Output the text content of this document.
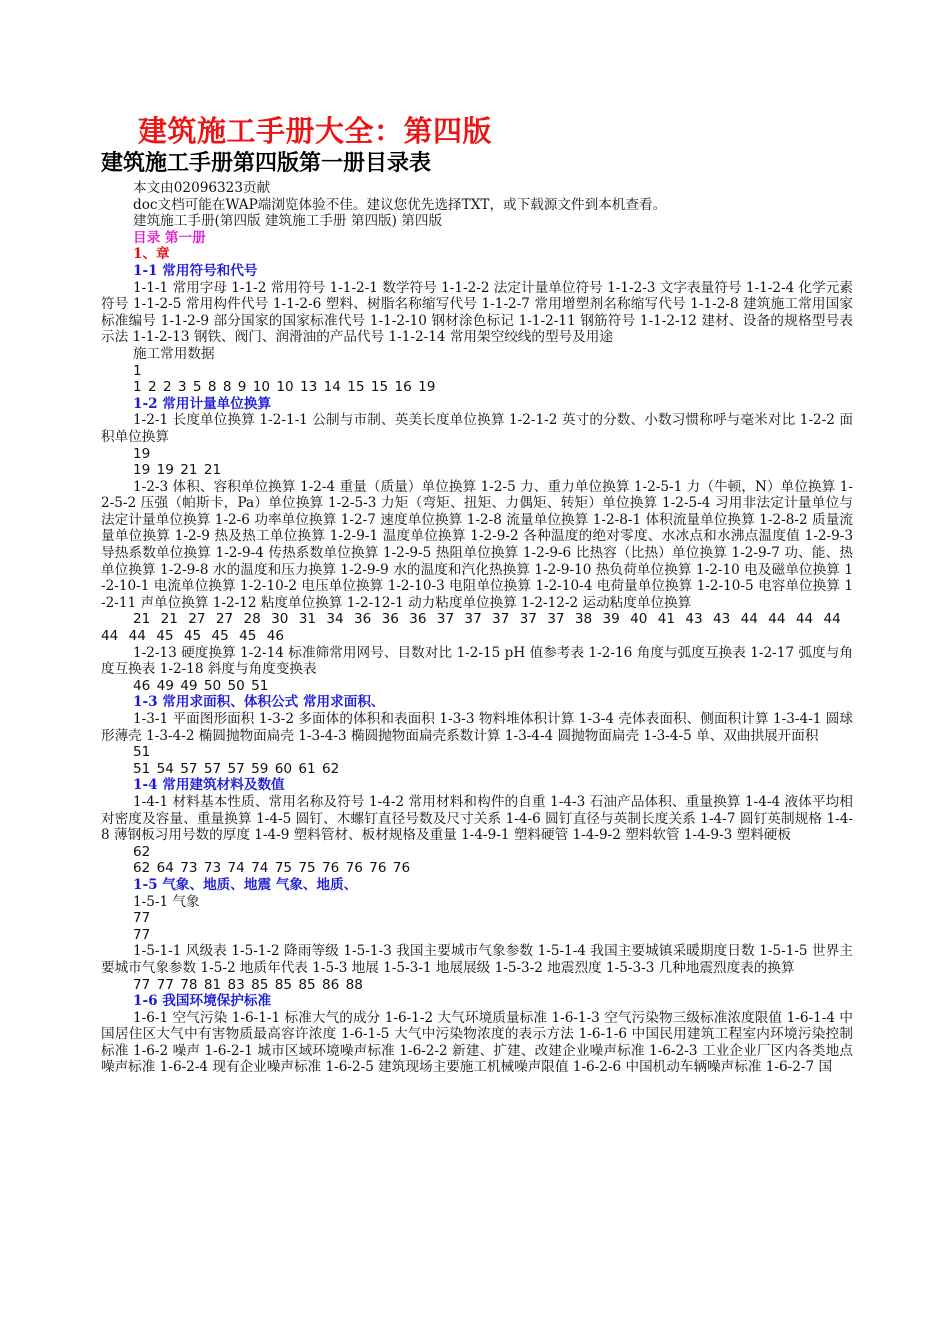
建筑施工手册大全：第四版
建筑施工手册第四版第一册目录表
本文由02096323贡献
doc文档可能在WAP端浏览体验不佳。建议您优先选择TXT，或下载源文件到本机查看。
建筑施工手册(第四版 建筑施工手册 第四版) 第四版
目录 第一册
1、章
1-1 常用符号和代号
1-1-1 常用字母 1-1-2 常用符号 1-1-2-1 数学符号 1-1-2-2 法定计量单位符号 1-1-2-3 文字表量符号 1-1-2-4 化学元素符号 1-1-2-5 常用构件代号 1-1-2-6 塑料、树脂名称缩写代号 1-1-2-7 常用增塑剂名称缩写代号 1-1-2-8 建筑施工常用国家标准编号 1-1-2-9 部分国家的国家标准代号 1-1-2-10 钢材涂色标记 1-1-2-11 钢筋符号 1-1-2-12 建材、设备的规格型号表示法 1-1-2-13 钢铁、阀门、润滑油的产品代号 1-1-2-14 常用架空绞线的型号及用途
施工常用数据
1
1 2 2 3 5 8 8 9 10 10 13 14 15 15 16 19
1-2 常用计量单位换算
1-2-1 长度单位换算 1-2-1-1 公制与市制、英美长度单位换算 1-2-1-2 英寸的分数、小数习惯称呼与毫米对比 1-2-2 面积单位换算
19
19 19 21 21
1-2-3 体积、容积单位换算 1-2-4 重量（质量）单位换算 1-2-5 力、重力单位换算 1-2-5-1 力（牛顿，N）单位换算 1-2-5-2 压强（帕斯卡，Pa）单位换算 1-2-5-3 力矩（弯矩、扭矩、力偶矩、转矩）单位换算 1-2-5-4 习用非法定计量单位与法定计量单位换算 1-2-6 功率单位换算 1-2-7 速度单位换算 1-2-8 流量单位换算 1-2-8-1 体积流量单位换算 1-2-8-2 质量流量单位换算 1-2-9 热及热工单位换算 1-2-9-1 温度单位换算 1-2-9-2 各种温度的绝对零度、水冰点和水沸点温度值 1-2-9-3 导热系数单位换算 1-2-9-4 传热系数单位换算 1-2-9-5 热阻单位换算 1-2-9-6 比热容（比热）单位换算 1-2-9-7 功、能、热单位换算 1-2-9-8 水的温度和压力换算 1-2-9-9 水的温度和汽化热换算 1-2-9-10 热负荷单位换算 1-2-10 电及磁单位换算 1-2-10-1 电流单位换算 1-2-10-2 电压单位换算 1-2-10-3 电阻单位换算 1-2-10-4 电荷量单位换算 1-2-10-5 电容单位换算 1-2-11 声单位换算 1-2-12 粘度单位换算 1-2-12-1 动力粘度单位换算 1-2-12-2 运动粘度单位换算
21 21 27 27 28 30 31 34 36 36 36 37 37 37 37 37 38 39 40 41 43 43 44 44 44 44 44 44 45 45 45 45 46
1-2-13 硬度换算 1-2-14 标准筛常用网号、目数对比 1-2-15 pH 值参考表 1-2-16 角度与弧度互换表 1-2-17 弧度与角度互换表 1-2-18 斜度与角度变换表
46 49 49 50 50 51
1-3 常用求面积、体积公式 常用求面积、
1-3-1 平面图形面积 1-3-2 多面体的体积和表面积 1-3-3 物料堆体积计算 1-3-4 壳体表面积、侧面积计算 1-3-4-1 圆球形薄壳 1-3-4-2 椭圆抛物面扁壳 1-3-4-3 椭圆抛物面扁壳系数计算 1-3-4-4 圆抛物面扁壳 1-3-4-5 单、双曲拱展开面积
51
51 54 57 57 57 59 60 61 62
1-4 常用建筑材料及数值
1-4-1 材料基本性质、常用名称及符号 1-4-2 常用材料和构件的自重 1-4-3 石油产品体积、重量换算 1-4-4 液体平均相对密度及容量、重量换算 1-4-5 圆钉、木螺钉直径号数及尺寸关系 1-4-6 圆钉直径与英制长度关系 1-4-7 圆钉英制规格 1-4-8 薄钢板习用号数的厚度 1-4-9 塑料管材、板材规格及重量 1-4-9-1 塑料硬管 1-4-9-2 塑料软管 1-4-9-3 塑料硬板
62
62 64 73 73 74 74 75 75 76 76 76 76
1-5 气象、地质、地震 气象、地质、
1-5-1 气象
77
77
1-5-1-1 风级表 1-5-1-2 降雨等级 1-5-1-3 我国主要城市气象参数 1-5-1-4 我国主要城镇采暖期度日数 1-5-1-5 世界主要城市气象参数 1-5-2 地质年代表 1-5-3 地展 1-5-3-1 地展展级 1-5-3-2 地震烈度 1-5-3-3 几种地震烈度表的换算
77 77 78 81 83 85 85 85 86 88
1-6 我国环境保护标准
1-6-1 空气污染 1-6-1-1 标准大气的成分 1-6-1-2 大气环境质量标准 1-6-1-3 空气污染物三级标准浓度限值 1-6-1-4 中国居住区大气中有害物质最高容许浓度 1-6-1-5 大气中污染物浓度的表示方法 1-6-1-6 中国民用建筑工程室内环境污染控制标准 1-6-2 噪声 1-6-2-1 城市区域环境噪声标准 1-6-2-2 新建、扩建、改建企业噪声标准 1-6-2-3 工业企业厂区内各类地点噪声标准 1-6-2-4 现有企业噪声标准 1-6-2-5 建筑现场主要施工机械噪声限值 1-6-2-6 中国机动车辆噪声标准 1-6-2-7 国
